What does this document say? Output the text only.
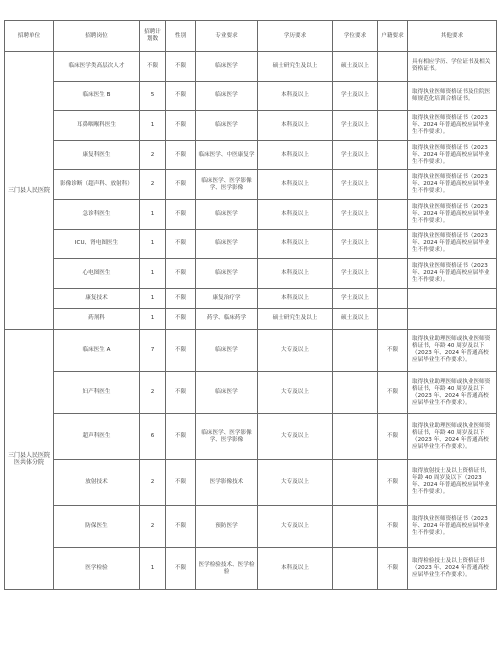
招聘单位	招聘岗位	招聘计划数	性别	专业要求	学历要求	学位要求	户籍要求	其他要求
三门县人民医院	临床医学类高层次人才	不限	不限	临床医学	硕士研究生及以上	硕士及以上		具有相应学历、学位证书及相关资格证书。
	临床医生 B	5	不限	临床医学	本科及以上	学士及以上		取得执业医师资格证书及住院医师规范化培训合格证书。
	耳鼻咽喉科医生	1	不限	临床医学	本科及以上	学士及以上		取得执业医师资格证书（2023 年、2024 年普通高校应届毕业生不作要求）。
	康复科医生	2	不限	临床医学、中医康复学	本科及以上	学士及以上		取得执业医师资格证书（2023 年、2024 年普通高校应届毕业生不作要求）。
	影像诊断（超声科、放射科）	2	不限	临床医学、医学影像学、医学影像	本科及以上	学士及以上		取得执业医师资格证书（2023 年、2024 年普通高校应届毕业生不作要求）。
	急诊科医生	1	不限	临床医学	本科及以上	学士及以上		取得执业医师资格证书（2023 年、2024 年普通高校应届毕业生不作要求）。
	ICU、肾电图医生	1	不限	临床医学	本科及以上	学士及以上		取得执业医师资格证书（2023 年、2024 年普通高校应届毕业生不作要求）。
	心电图医生	1	不限	临床医学	本科及以上	学士及以上		取得执业医师资格证书（2023 年、2024 年普通高校应届毕业生不作要求）。
	康复技术	1	不限	康复治疗学	本科及以上	学士及以上		
	药剂科	1	不限	药学、临床药学	硕士研究生及以上	硕士及以上		
三门县人民医院医共体分院	临床医生 A	7	不限	临床医学	大专及以上		不限	取得执业助理医师或执业医师资格证书，年龄 40 周岁及以下（2023 年、2024 年普通高校应届毕业生不作要求）。
	妇产科医生	2	不限	临床医学	大专及以上		不限	取得执业助理医师或执业医师资格证书，年龄 40 周岁及以下（2023 年、2024 年普通高校应届毕业生不作要求）。
	超声科医生	6	不限	临床医学、医学影像学、医学影像	大专及以上		不限	取得执业助理医师或执业医师资格证书，年龄 40 周岁及以下（2023 年、2024 年普通高校应届毕业生不作要求）。
	放射技术	2	不限	医学影像技术	大专及以上		不限	取得放射技士及以上资格证书，年龄 40 周岁及以下（2023 年、2024 年普通高校应届毕业生不作要求）。
	防保医生	2	不限	预防医学	大专及以上		不限	取得执业医师资格证书（2023 年、2024 年普通高校应届毕业生不作要求）。
	医学检验	1	不限	医学检验技术、医学检验	本科及以上		不限	取得检验技士及以上资格证书（2023 年、2024 年普通高校应届毕业生不作要求）。
